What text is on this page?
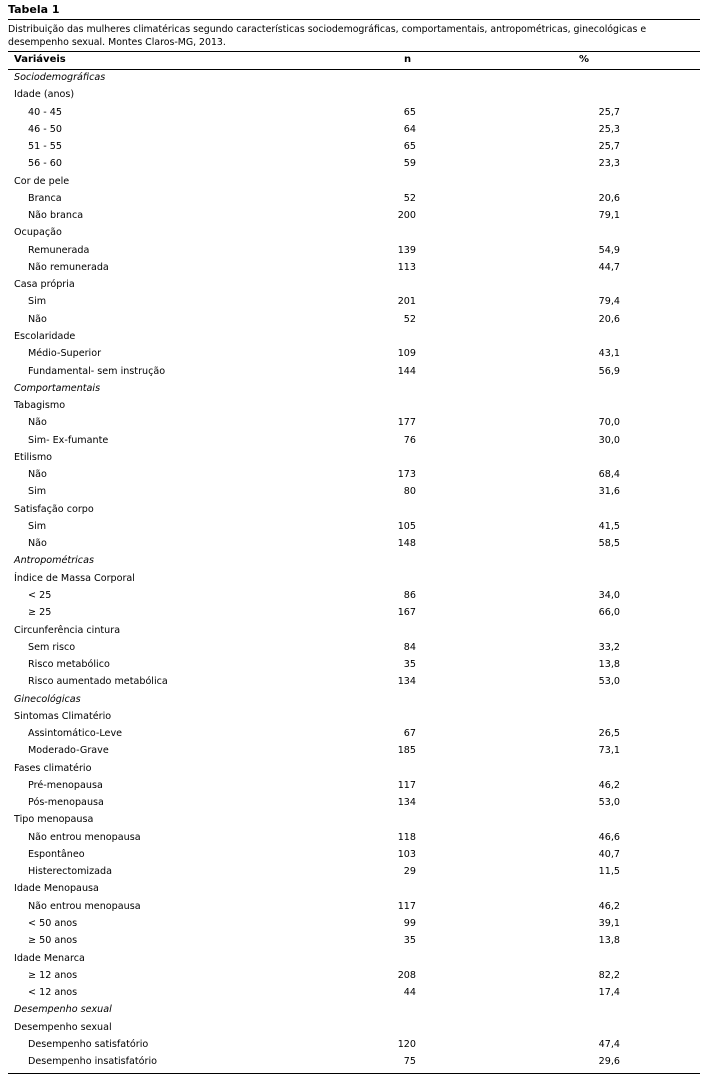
Tabela 1
Distribuição das mulheres climatéricas segundo características sociodemográficas, comportamentais, antropométricas, ginecológicas e desempenho sexual. Montes Claros-MG, 2013.
Variáveis	n	%
Sociodemográficas
Idade (anos)
40 - 45	65	25,7
46 - 50	64	25,3
51 - 55	65	25,7
56 - 60	59	23,3
Cor de pele
Branca	52	20,6
Não branca	200	79,1
Ocupação
Remunerada	139	54,9
Não remunerada	113	44,7
Casa própria
Sim	201	79,4
Não	52	20,6
Escolaridade
Médio-Superior	109	43,1
Fundamental- sem instrução	144	56,9
Comportamentais
Tabagismo
Não	177	70,0
Sim- Ex-fumante	76	30,0
Etilismo
Não	173	68,4
Sim	80	31,6
Satisfação corpo
Sim	105	41,5
Não	148	58,5
Antropométricas
Índice de Massa Corporal
< 25	86	34,0
≥ 25	167	66,0
Circunferência cintura
Sem risco	84	33,2
Risco metabólico	35	13,8
Risco aumentado metabólica	134	53,0
Ginecológicas
Sintomas Climatério
Assintomático-Leve	67	26,5
Moderado-Grave	185	73,1
Fases climatério
Pré-menopausa	117	46,2
Pós-menopausa	134	53,0
Tipo menopausa
Não entrou menopausa	118	46,6
Espontâneo	103	40,7
Histerectomizada	29	11,5
Idade Menopausa
Não entrou menopausa	117	46,2
< 50 anos	99	39,1
≥ 50 anos	35	13,8
Idade Menarca
≥ 12 anos	208	82,2
< 12 anos	44	17,4
Desempenho sexual
Desempenho sexual
Desempenho satisfatório	120	47,4
Desempenho insatisfatório	75	29,6
